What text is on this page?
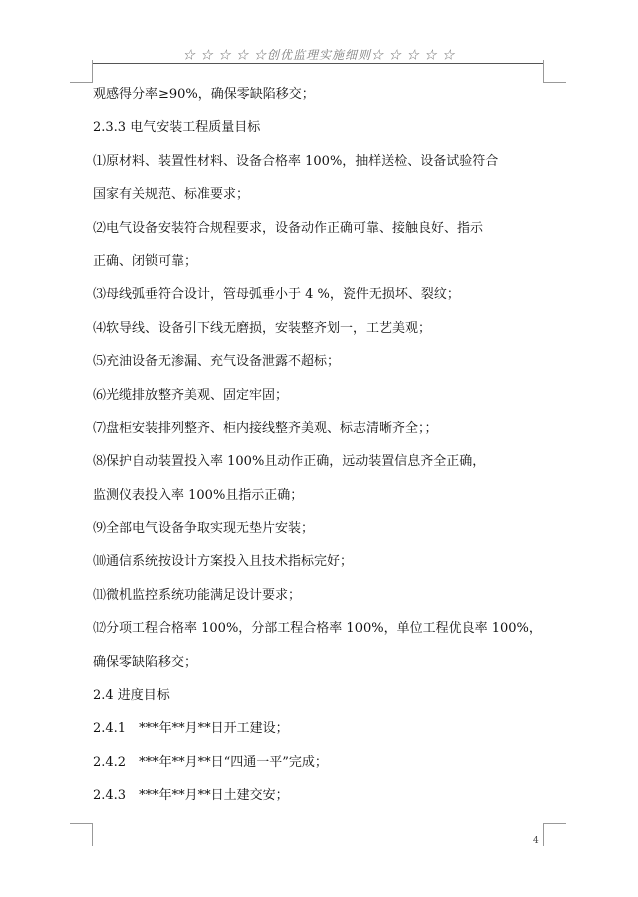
☆ ☆ ☆ ☆ ☆创优监理实施细则☆ ☆ ☆ ☆ ☆
观感得分率≥90%，确保零缺陷移交；
2.3.3 电气安装工程质量目标
⑴原材料、装置性材料、设备合格率 100%，抽样送检、设备试验符合
国家有关规范、标准要求；
⑵电气设备安装符合规程要求，设备动作正确可靠、接触良好、指示
正确、闭锁可靠；
⑶母线弧垂符合设计，管母弧垂小于 4 %，瓷件无损坏、裂纹；
⑷软导线、设备引下线无磨损，安装整齐划一，工艺美观；
⑸充油设备无渗漏、充气设备泄露不超标；
⑹光缆排放整齐美观、固定牢固；
⑺盘柜安装排列整齐、柜内接线整齐美观、标志清晰齐全；；
⑻保护自动装置投入率 100%且动作正确，远动装置信息齐全正确，
监测仪表投入率 100%且指示正确；
⑼全部电气设备争取实现无垫片安装；
⑽通信系统按设计方案投入且技术指标完好；
⑾微机监控系统功能满足设计要求；
⑿分项工程合格率 100%，分部工程合格率 100%，单位工程优良率 100%，
确保零缺陷移交；
2.4 进度目标
2.4.1　***年**月**日开工建设；
2.4.2　***年**月**日“四通一平”完成；
2.4.3　***年**月**日土建交安；
4
